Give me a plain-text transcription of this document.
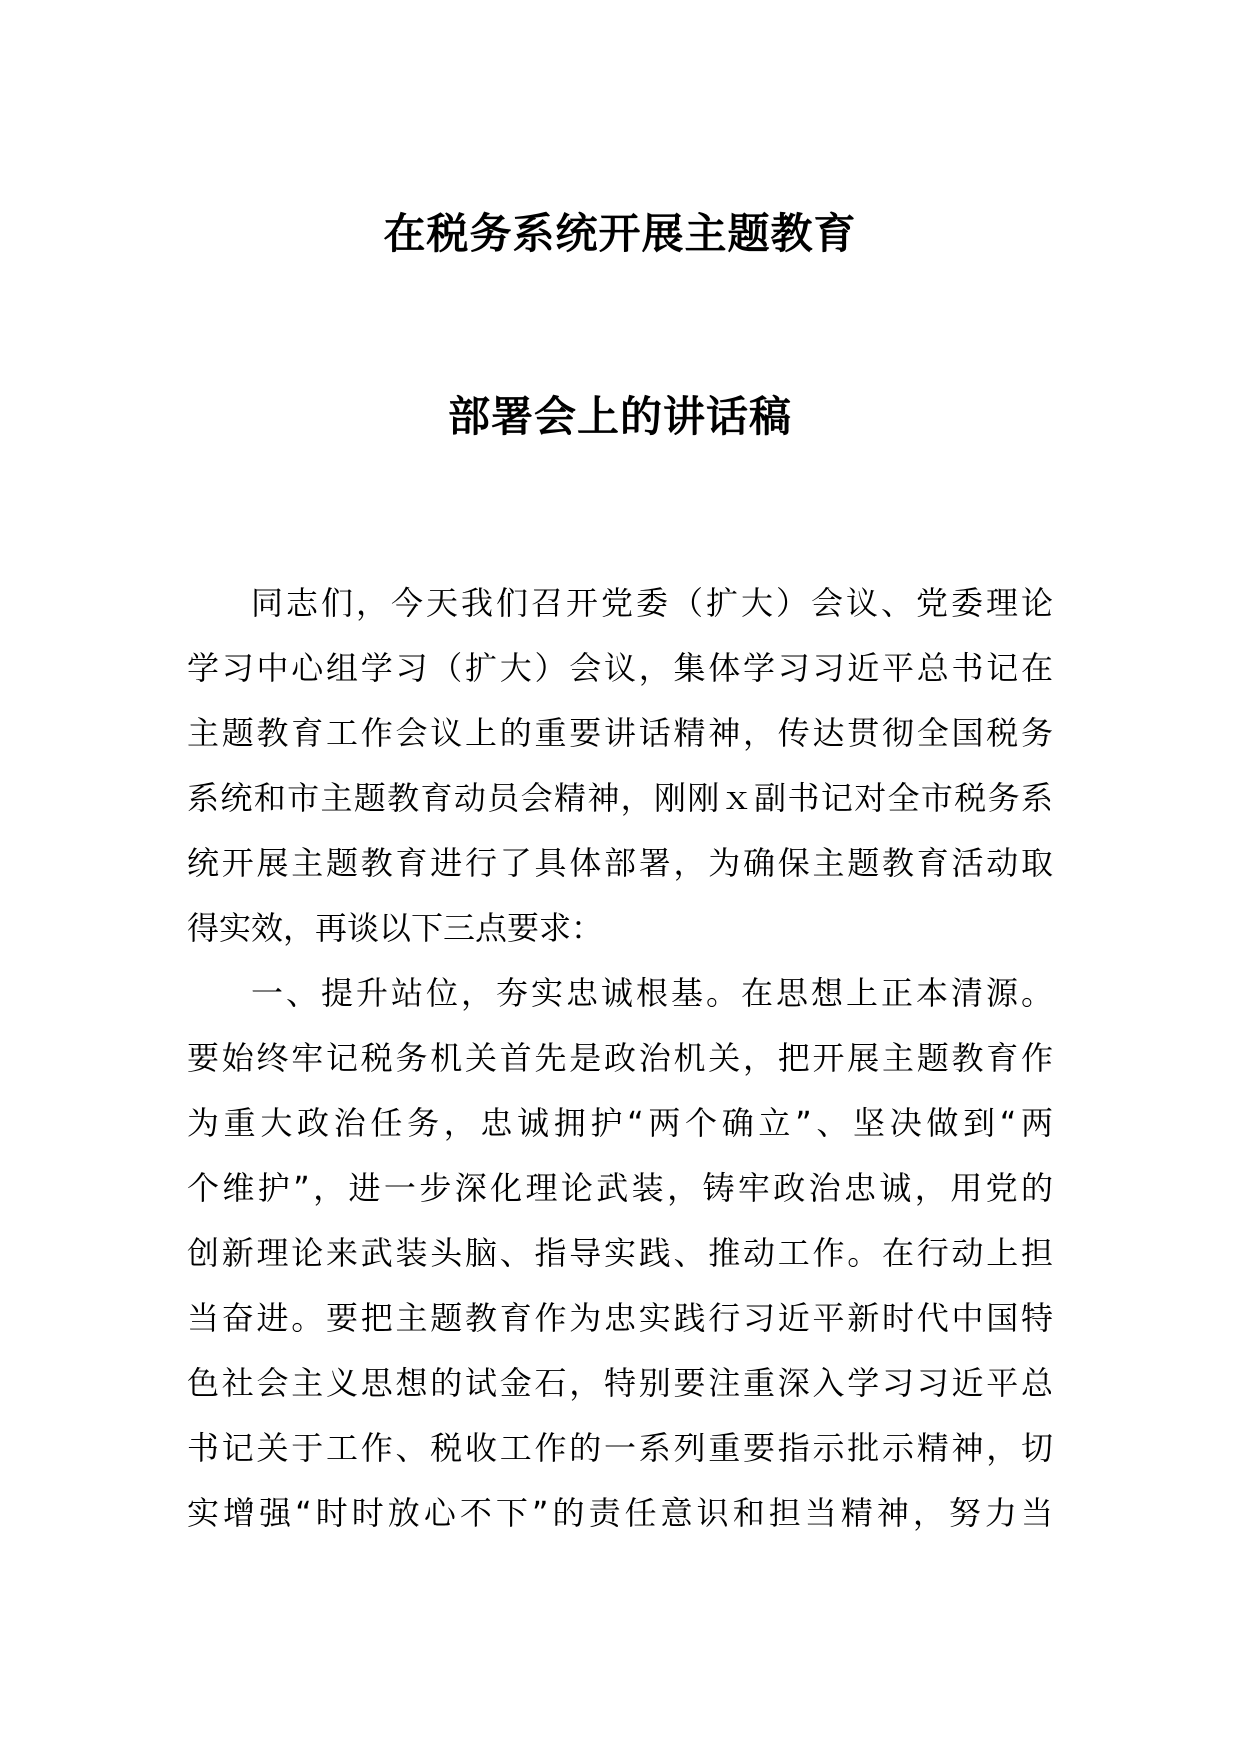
在税务系统开展主题教育
部署会上的讲话稿
同志们，今天我们召开党委（扩大）会议、党委理论
学习中心组学习（扩大）会议，集体学习习近平总书记在
主题教育工作会议上的重要讲话精神，传达贯彻全国税务
系统和市主题教育动员会精神，刚刚ｘ副书记对全市税务系
统开展主题教育进行了具体部署，为确保主题教育活动取
得实效，再谈以下三点要求：
一、提升站位，夯实忠诚根基。在思想上正本清源。
要始终牢记税务机关首先是政治机关，把开展主题教育作
为重大政治任务，忠诚拥护“两个确立”、坚决做到“两
个维护”，进一步深化理论武装，铸牢政治忠诚，用党的
创新理论来武装头脑、指导实践、推动工作。在行动上担
当奋进。要把主题教育作为忠实践行习近平新时代中国特
色社会主义思想的试金石，特别要注重深入学习习近平总
书记关于工作、税收工作的一系列重要指示批示精神，切
实增强“时时放心不下”的责任意识和担当精神，努力当
